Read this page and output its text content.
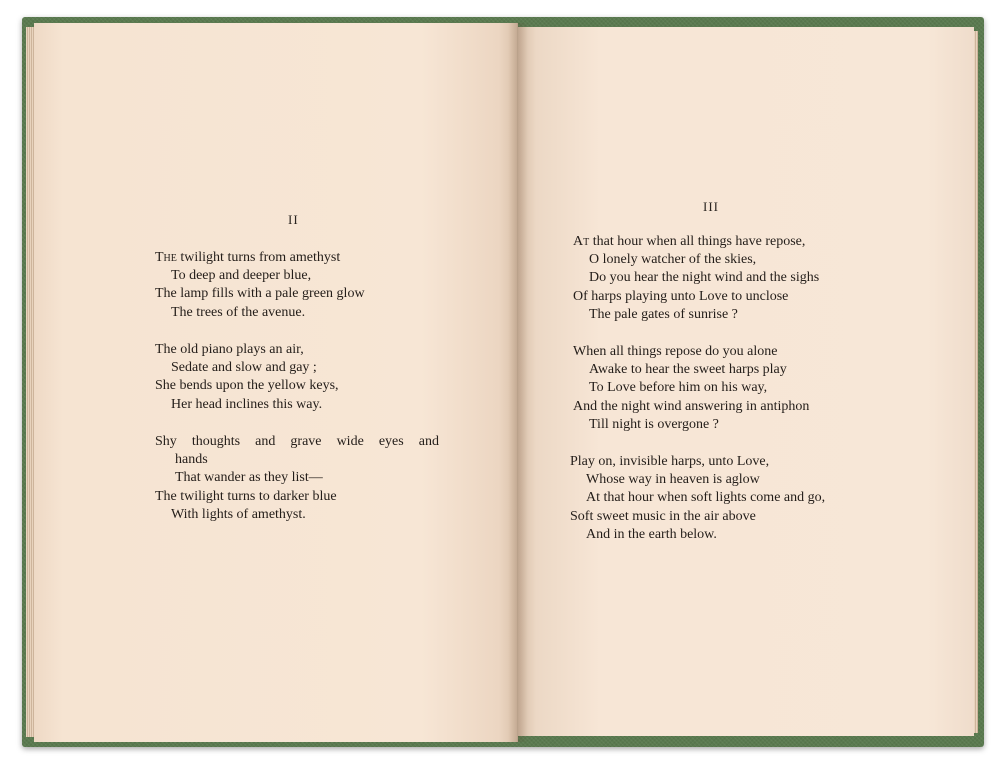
II
The twilight turns from amethyst
To deep and deeper blue,
The lamp fills with a pale green glow
The trees of the avenue.
The old piano plays an air,
Sedate and slow and gay ;
She bends upon the yellow keys,
Her head inclines this way.
Shy thoughts and grave wide eyes and
hands
That wander as they list—
The twilight turns to darker blue
With lights of amethyst.
III
At that hour when all things have repose,
O lonely watcher of the skies,
Do you hear the night wind and the sighs
Of harps playing unto Love to unclose
The pale gates of sunrise ?
When all things repose do you alone
Awake to hear the sweet harps play
To Love before him on his way,
And the night wind answering in antiphon
Till night is overgone ?
Play on, invisible harps, unto Love,
Whose way in heaven is aglow
At that hour when soft lights come and go,
Soft sweet music in the air above
And in the earth below.
